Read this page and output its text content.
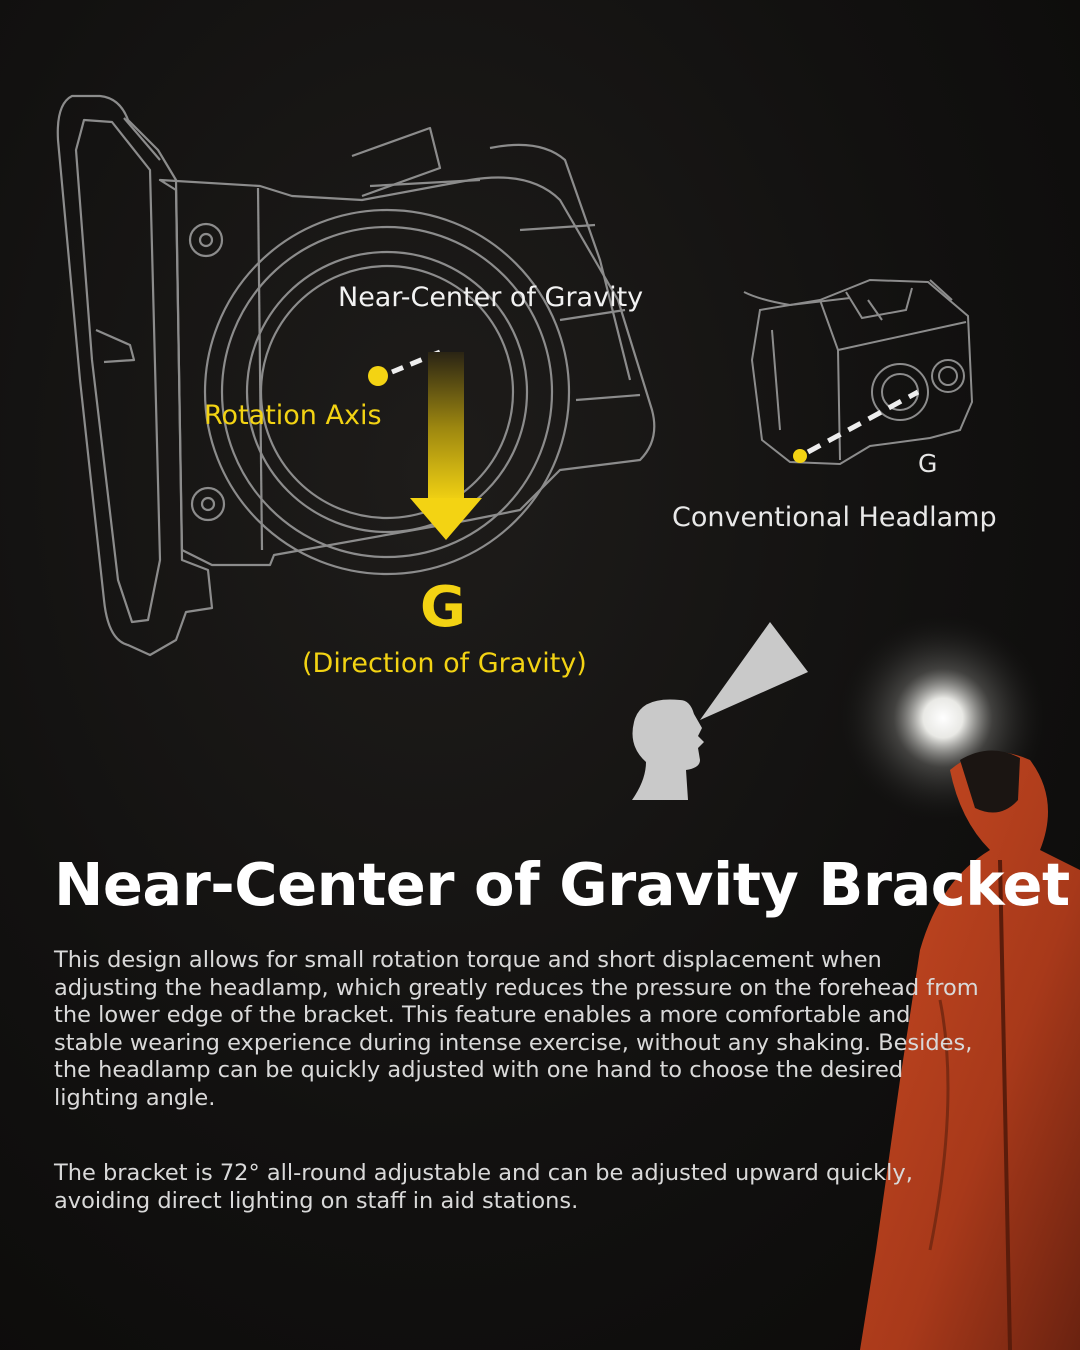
Near-Center of Gravity
Rotation Axis
G
(Direction of Gravity)
G
Conventional Headlamp
Near-Center of Gravity Bracket

This design allows for small rotation torque and short displacement when adjusting the headlamp, which greatly reduces the pressure on the forehead from the lower edge of the bracket. This feature enables a more comfortable and stable wearing experience during intense exercise, without any shaking. Besides, the headlamp can be quickly adjusted with one hand to choose the desired lighting angle.

The bracket is 72° all-round adjustable and can be adjusted upward quickly, avoiding direct lighting on staff in aid stations.
